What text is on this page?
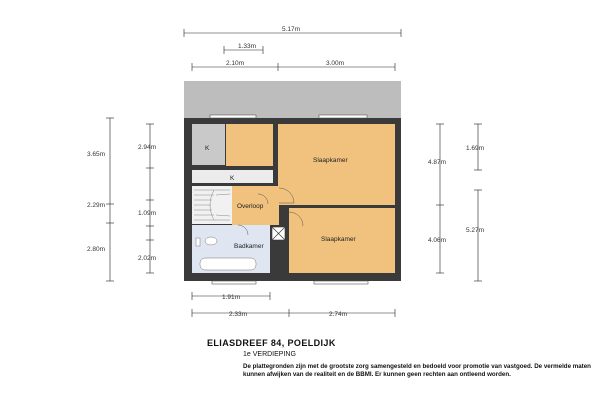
Slaapkamer
Overloop
Badkamer
Slaapkamer
K
K
5.17m
1.33m
2.10m	3.00m
3.65m
2.29m
2.80m
2.94m
1.09m
2.02m
4.87m
4.06m
1.69m
5.27m
1.91m
2.33m	2.74m
ELIASDREEF 84, POELDIJK
1e VERDIEPING
De plattegronden zijn met de grootste zorg samengesteld en bedoeld voor promotie van vastgoed. De vermelde maten kunnen afwijken van de realiteit en de BBMI. Er kunnen geen rechten aan ontleend worden.
